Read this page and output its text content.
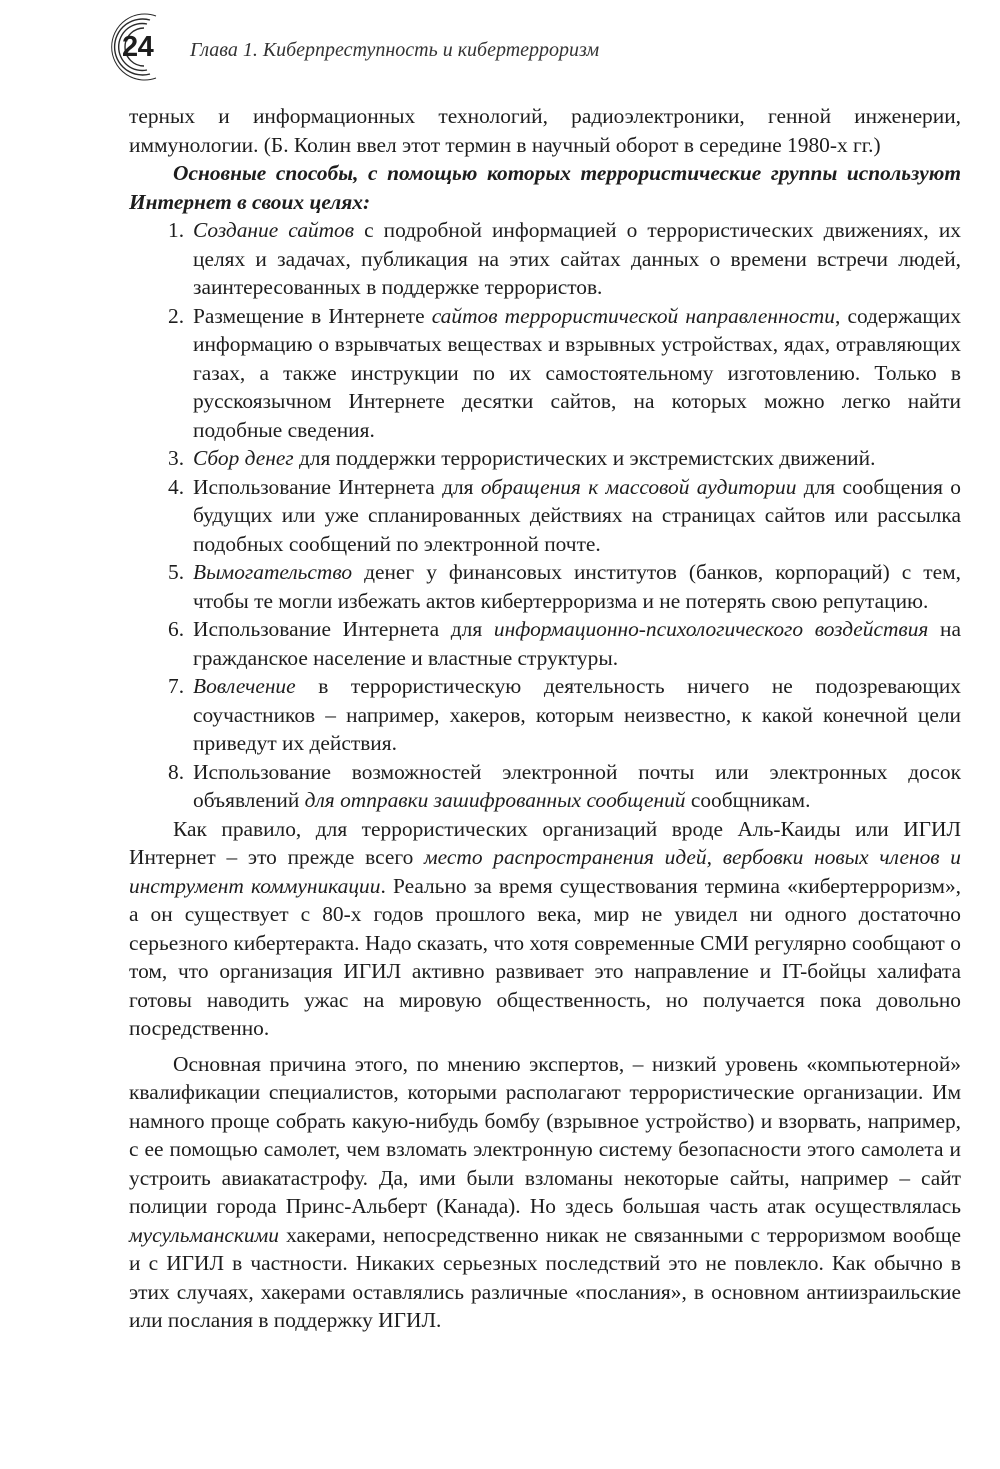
24 Глава 1. Киберпреступность и кибертерроризм

терных и информационных технологий, радиоэлектроники, генной инженерии, иммунологии. (Б. Колин ввел этот термин в научный оборот в середине 1980-х гг.)

Основные способы, с помощью которых террористические группы используют Интернет в своих целях:

1. Создание сайтов с подробной информацией о террористических движениях, их целях и задачах, публикация на этих сайтах данных о времени встречи людей, заинтересованных в поддержке террористов.
2. Размещение в Интернете сайтов террористической направленности, содержащих информацию о взрывчатых веществах и взрывных устройствах, ядах, отравляющих газах, а также инструкции по их самостоятельному изготовлению. Только в русскоязычном Интернете десятки сайтов, на которых можно легко найти подобные сведения.
3. Сбор денег для поддержки террористических и экстремистских движений.
4. Использование Интернета для обращения к массовой аудитории для сообщения о будущих или уже спланированных действиях на страницах сайтов или рассылка подобных сообщений по электронной почте.
5. Вымогательство денег у финансовых институтов (банков, корпораций) с тем, чтобы те могли избежать актов кибертерроризма и не потерять свою репутацию.
6. Использование Интернета для информационно-психологического воздействия на гражданское население и властные структуры.
7. Вовлечение в террористическую деятельность ничего не подозревающих соучастников – например, хакеров, которым неизвестно, к какой конечной цели приведут их действия.
8. Использование возможностей электронной почты или электронных досок объявлений для отправки зашифрованных сообщений сообщникам.

Как правило, для террористических организаций вроде Аль-Каиды или ИГИЛ Интернет – это прежде всего место распространения идей, вербовки новых членов и инструмент коммуникации. Реально за время существования термина «кибертерроризм», а он существует с 80-х годов прошлого века, мир не увидел ни одного достаточно серьезного кибертеракта. Надо сказать, что хотя современные СМИ регулярно сообщают о том, что организация ИГИЛ активно развивает это направление и IT-бойцы халифата готовы наводить ужас на мировую общественность, но получается пока довольно посредственно.

Основная причина этого, по мнению экспертов, – низкий уровень «компьютерной» квалификации специалистов, которыми располагают террористические организации. Им намного проще собрать какую-нибудь бомбу (взрывное устройство) и взорвать, например, с ее помощью самолет, чем взломать электронную систему безопасности этого самолета и устроить авиакатастрофу. Да, ими были взломаны некоторые сайты, например – сайт полиции города Принс-Альберт (Канада). Но здесь большая часть атак осуществлялась мусульманскими хакерами, непосредственно никак не связанными с терроризмом вообще и с ИГИЛ в частности. Никаких серьезных последствий это не повлекло. Как обычно в этих случаях, хакерами оставлялись различные «послания», в основном антиизраильские или послания в поддержку ИГИЛ.
